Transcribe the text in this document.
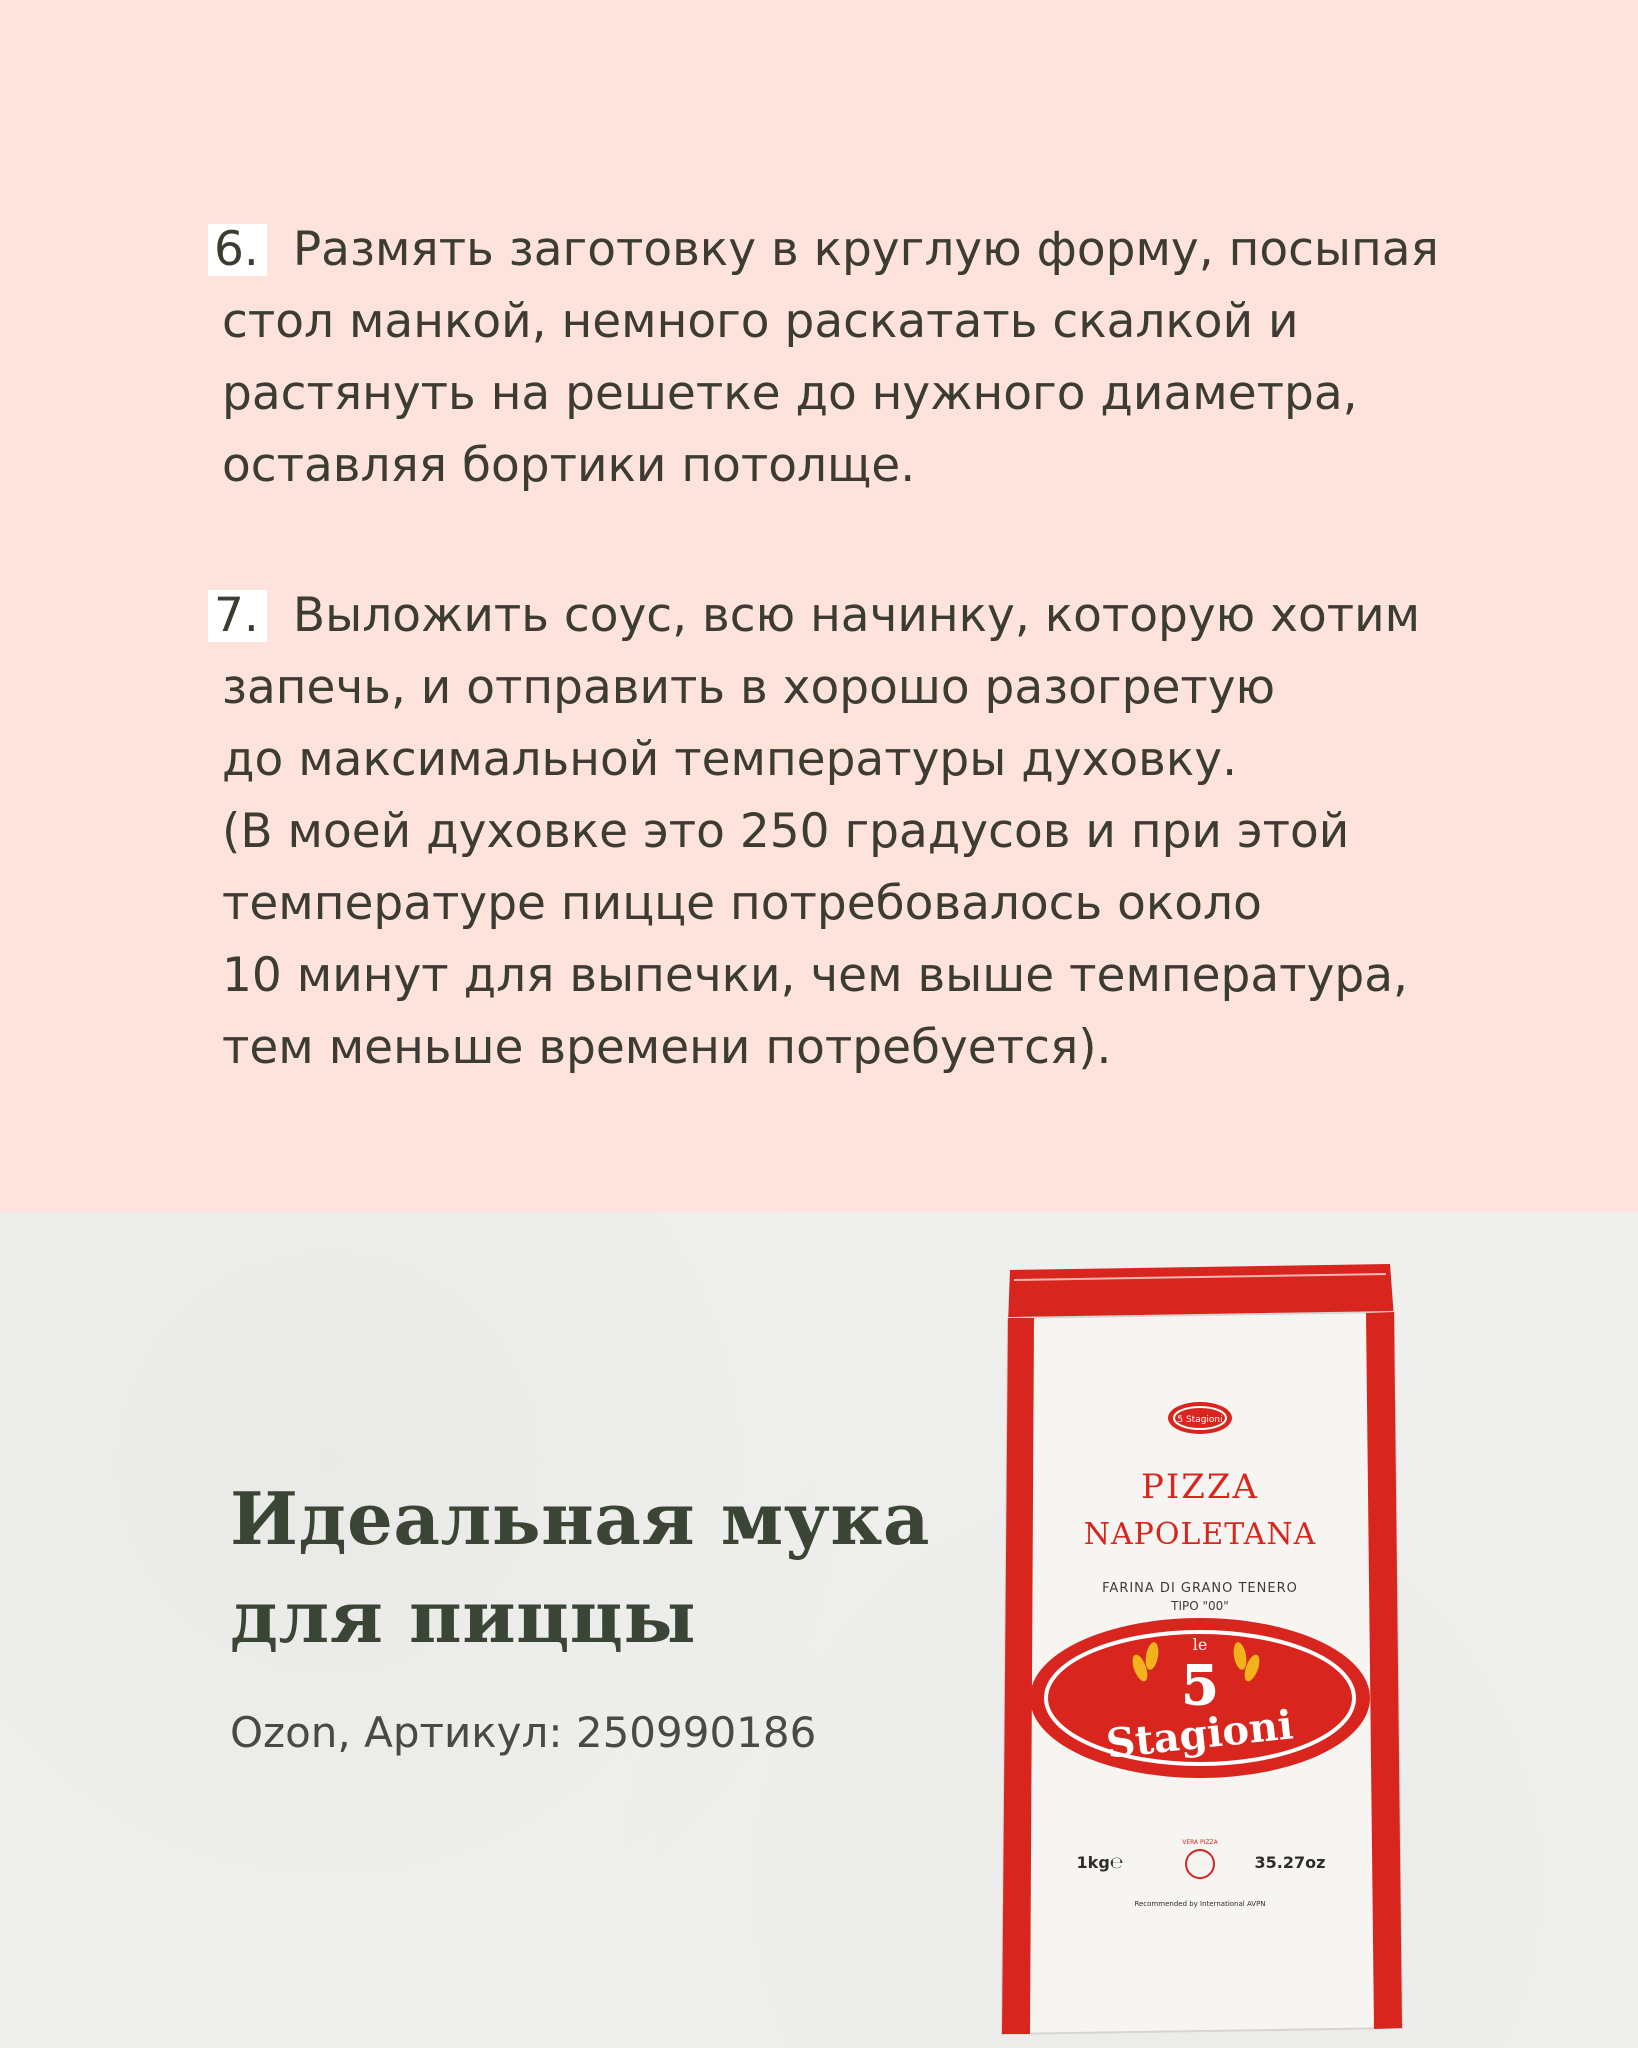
6. Размять заготовку в круглую форму, посыпая
стол манкой, немного раскатать скалкой и
растянуть на решетке до нужного диаметра,
оставляя бортики потолще.
7. Выложить соус, всю начинку, которую хотим
запечь, и отправить в хорошо разогретую
до максимальной температуры духовку.
(В моей духовке это 250 градусов и при этой
температуре пицце потребовалось около
10 минут для выпечки, чем выше температура,
тем меньше времени потребуется).
Идеальная мука
для пиццы
Ozon, Артикул: 250990186
5 Stagioni
PIZZA
NAPOLETANA
FARINA DI GRANO TENERO
TIPO "00"
le
5
Stagioni
1kg℮
VERA PIZZA
35.27oz
Recommended by International AVPN
